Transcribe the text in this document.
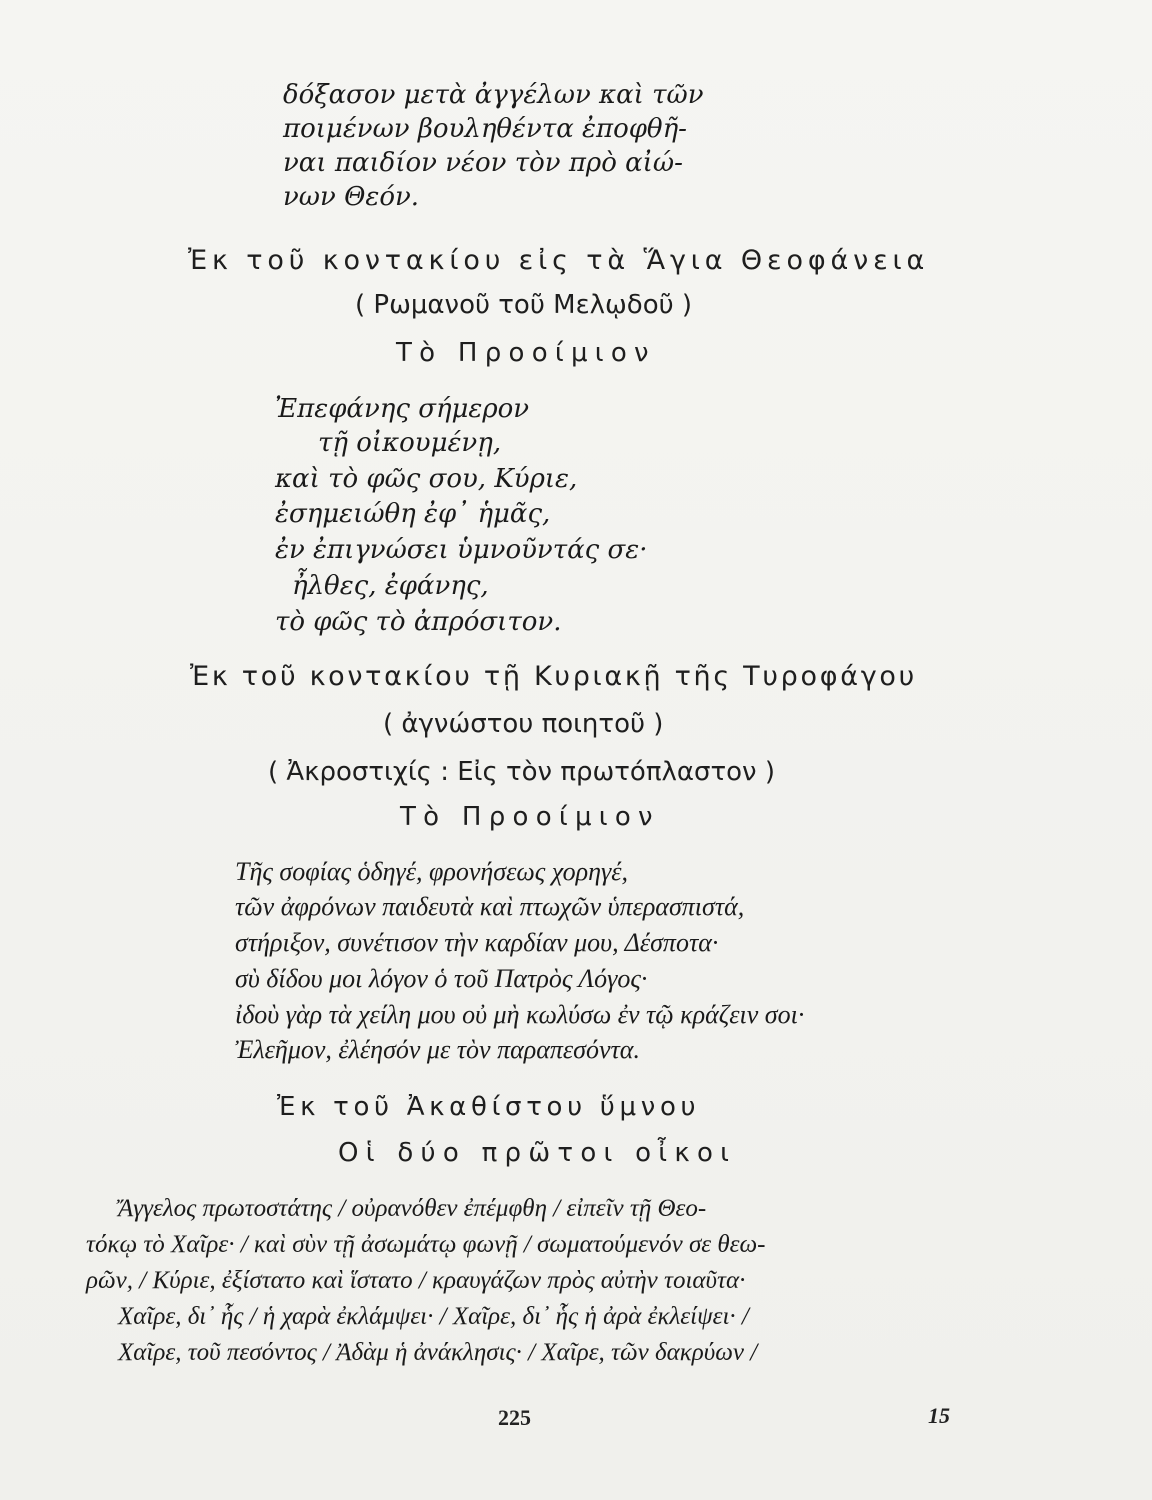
δόξασον μετὰ ἀγγέλων καὶ τῶν
ποιμένων βουληθέντα ἐποφθῆ-
ναι παιδίον νέον τὸν πρὸ αἰώ-
νων Θεόν.
Ἐκ τοῦ κοντακίου εἰς τὰ Ἅγια Θεοφάνεια
( Ρωμανοῦ τοῦ Μελῳδοῦ )
Τὸ Προοίμιον
Ἐπεφάνης σήμερον
τῇ οἰκουμένῃ,
καὶ τὸ φῶς σου, Κύριε,
ἐσημειώθη ἐφ᾽ ἡμᾶς,
ἐν ἐπιγνώσει ὑμνοῦντάς σε·
ἦλθες, ἐφάνης,
τὸ φῶς τὸ ἀπρόσιτον.
Ἐκ τοῦ κοντακίου τῇ Κυριακῇ τῆς Τυροφάγου
( ἀγνώστου ποιητοῦ )
( Ἀκροστιχίς : Εἰς τὸν πρωτόπλαστον )
Τὸ Προοίμιον
Τῆς σοφίας ὁδηγέ, φρονήσεως χορηγέ,
τῶν ἀφρόνων παιδευτὰ καὶ πτωχῶν ὑπερασπιστά,
στήριξον, συνέτισον τὴν καρδίαν μου, Δέσποτα·
σὺ δίδου μοι λόγον ὁ τοῦ Πατρὸς Λόγος·
ἰδοὺ γὰρ τὰ χείλη μου οὐ μὴ κωλύσω ἐν τῷ κράζειν σοι·
Ἐλεῆμον, ἐλέησόν με τὸν παραπεσόντα.
Ἐκ τοῦ Ἀκαθίστου ὕμνου
Οἱ δύο πρῶτοι οἶκοι
Ἄγγελος πρωτοστάτης / οὐρανόθεν ἐπέμφθη / εἰπεῖν τῇ Θεο-
τόκῳ τὸ Χαῖρε· / καὶ σὺν τῇ ἀσωμάτῳ φωνῇ / σωματούμενόν σε θεω-
ρῶν, / Κύριε, ἐξίστατο καὶ ἵστατο / κραυγάζων πρὸς αὐτὴν τοιαῦτα·
Χαῖρε, δι᾽ ἧς / ἡ χαρὰ ἐκλάμψει· / Χαῖρε, δι᾽ ἧς ἡ ἀρὰ ἐκλείψει· /
Χαῖρε, τοῦ πεσόντος / Ἀδὰμ ἡ ἀνάκλησις· / Χαῖρε, τῶν δακρύων /
225	15
